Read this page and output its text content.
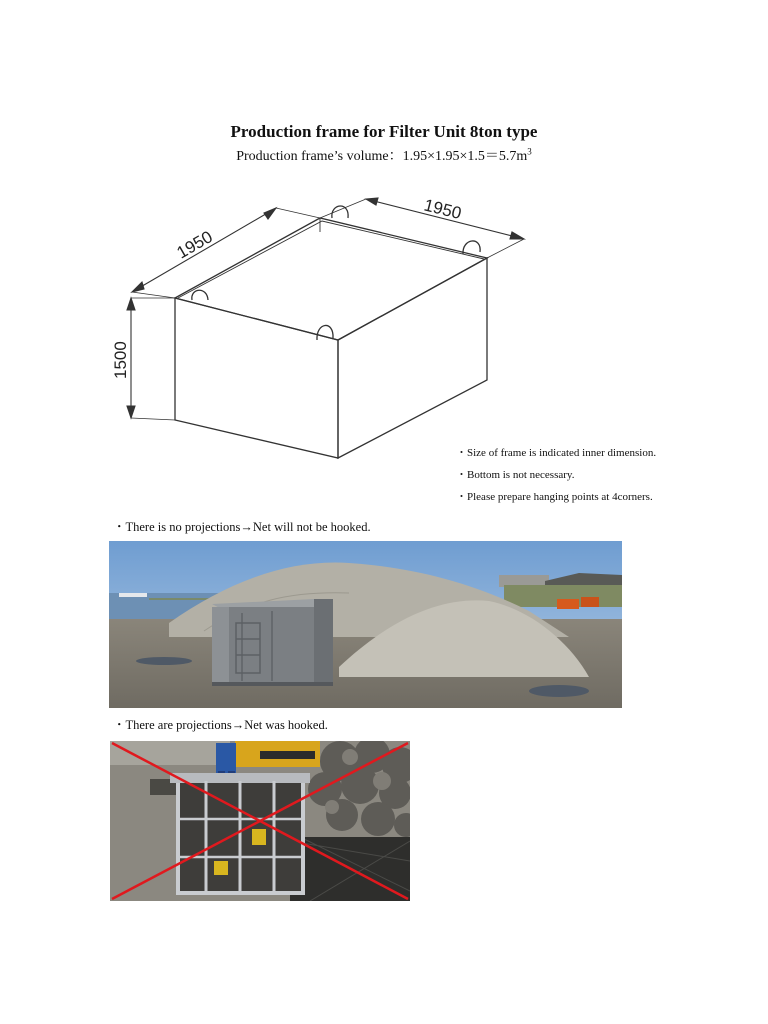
Production frame for Filter Unit 8ton type
Production frame’s volume：$1.95\times 1.95\times 1.5=5.7m^3$
1950
1950
1500
・Size of frame is indicated inner dimension.
・Bottom is not necessary.
・Please prepare hanging points at 4corners.
・There is no projections→Net will not be hooked.
・There are projections→Net was hooked.
